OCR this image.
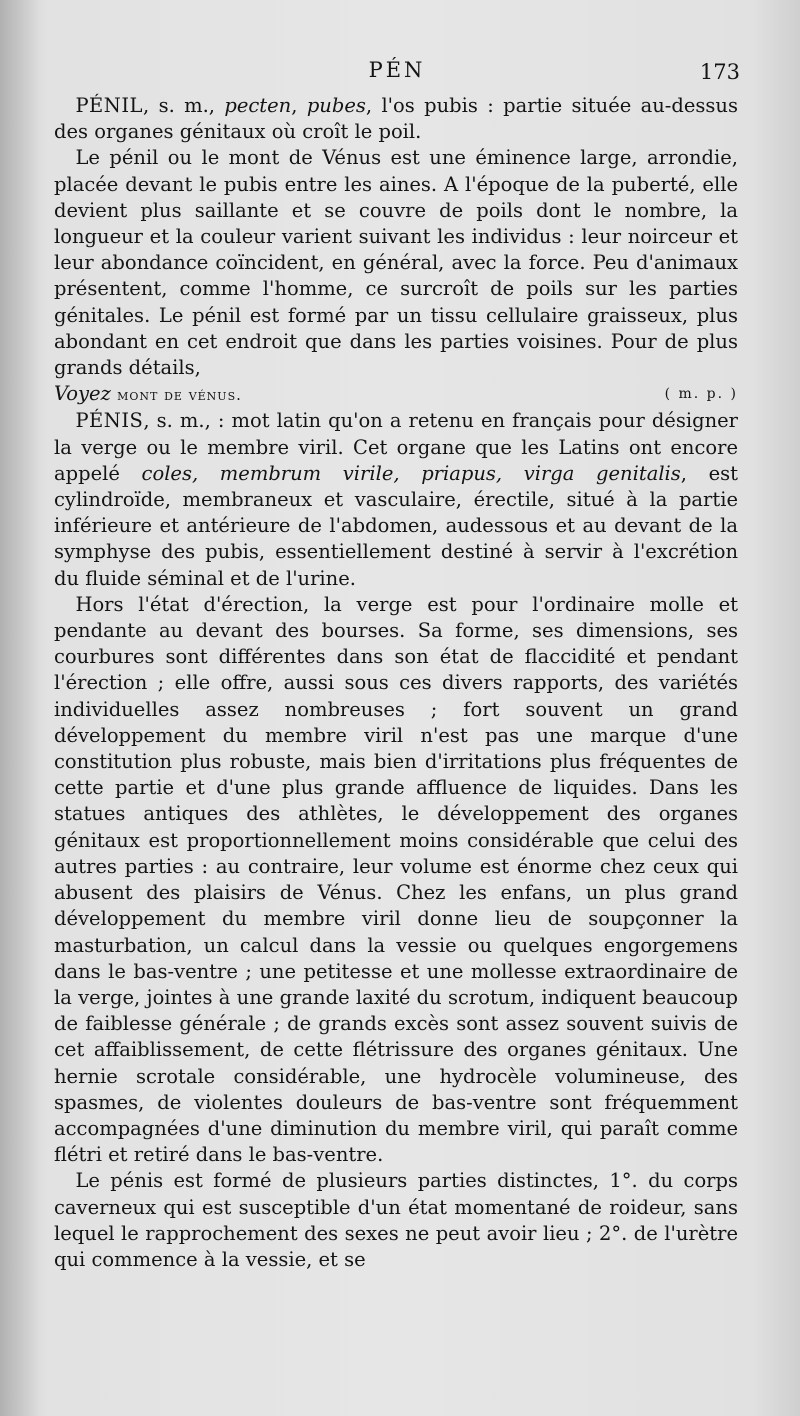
PÉN	173

PÉNIL, s. m., pecten, pubes, l'os pubis : partie située au-dessus des organes génitaux où croît le poil.

Le pénil ou le mont de Vénus est une éminence large, arrondie, placée devant le pubis entre les aines. A l'époque de la puberté, elle devient plus saillante et se couvre de poils dont le nombre, la longueur et la couleur varient suivant les individus : leur noirceur et leur abondance coïncident, en général, avec la force. Peu d'animaux présentent, comme l'homme, ce surcroît de poils sur les parties génitales. Le pénil est formé par un tissu cellulaire graisseux, plus abondant en cet endroit que dans les parties voisines. Pour de plus grands détails,
Voyez mont de vénus.	( m. p. )

PÉNIS, s. m., : mot latin qu'on a retenu en français pour désigner la verge ou le membre viril. Cet organe que les Latins ont encore appelé coles, membrum virile, priapus, virga genitalis, est cylindroïde, membraneux et vasculaire, érectile, situé à la partie inférieure et antérieure de l'abdomen, audessous et au devant de la symphyse des pubis, essentiellement destiné à servir à l'excrétion du fluide séminal et de l'urine.

Hors l'état d'érection, la verge est pour l'ordinaire molle et pendante au devant des bourses. Sa forme, ses dimensions, ses courbures sont différentes dans son état de flaccidité et pendant l'érection ; elle offre, aussi sous ces divers rapports, des variétés individuelles assez nombreuses ; fort souvent un grand développement du membre viril n'est pas une marque d'une constitution plus robuste, mais bien d'irritations plus fréquentes de cette partie et d'une plus grande affluence de liquides. Dans les statues antiques des athlètes, le développement des organes génitaux est proportionnellement moins considérable que celui des autres parties : au contraire, leur volume est énorme chez ceux qui abusent des plaisirs de Vénus. Chez les enfans, un plus grand développement du membre viril donne lieu de soupçonner la masturbation, un calcul dans la vessie ou quelques engorgemens dans le bas-ventre ; une petitesse et une mollesse extraordinaire de la verge, jointes à une grande laxité du scrotum, indiquent beaucoup de faiblesse générale ; de grands excès sont assez souvent suivis de cet affaiblissement, de cette flétrissure des organes génitaux. Une hernie scrotale considérable, une hydrocèle volumineuse, des spasmes, de violentes douleurs de bas-ventre sont fréquemment accompagnées d'une diminution du membre viril, qui paraît comme flétri et retiré dans le bas-ventre.

Le pénis est formé de plusieurs parties distinctes, 1°. du corps caverneux qui est susceptible d'un état momentané de roideur, sans lequel le rapprochement des sexes ne peut avoir lieu ; 2°. de l'urètre qui commence à la vessie, et se
